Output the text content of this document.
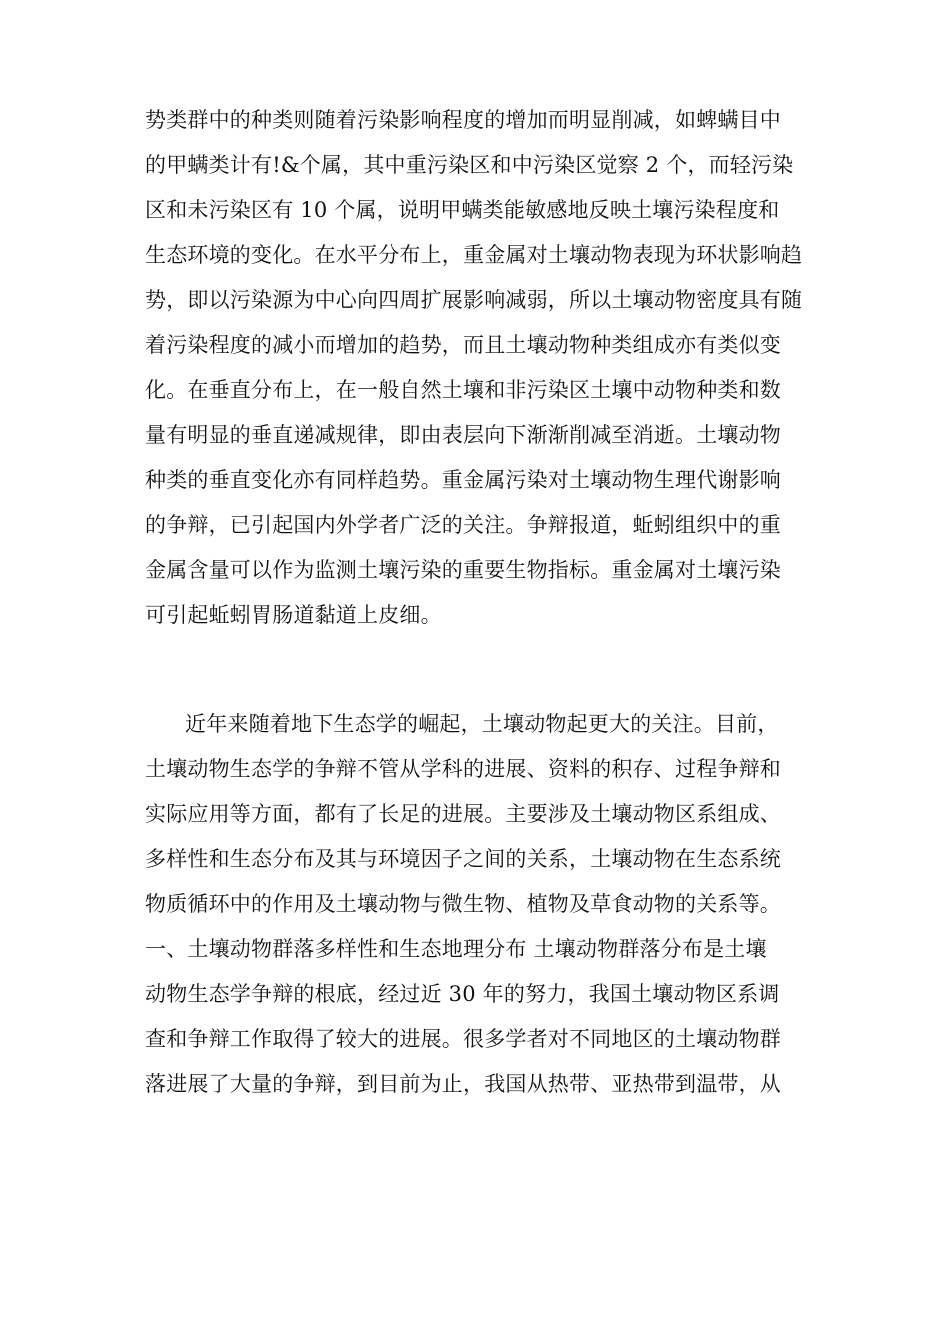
势类群中的种类则随着污染影响程度的增加而明显削减，如蜱螨目中
的甲螨类计有!&个属，其中重污染区和中污染区觉察 2 个，而轻污染
区和未污染区有 10 个属，说明甲螨类能敏感地反映土壤污染程度和
生态环境的变化。在水平分布上，重金属对土壤动物表现为环状影响趋
势，即以污染源为中心向四周扩展影响减弱，所以土壤动物密度具有随
着污染程度的减小而增加的趋势，而且土壤动物种类组成亦有类似变
化。在垂直分布上，在一般自然土壤和非污染区土壤中动物种类和数
量有明显的垂直递减规律，即由表层向下渐渐削减至消逝。土壤动物
种类的垂直变化亦有同样趋势。重金属污染对土壤动物生理代谢影响
的争辩，已引起国内外学者广泛的关注。争辩报道，蚯蚓组织中的重
金属含量可以作为监测土壤污染的重要生物指标。重金属对土壤污染
可引起蚯蚓胃肠道黏道上皮细。
近年来随着地下生态学的崛起，土壤动物起更大的关注。目前，
土壤动物生态学的争辩不管从学科的进展、资料的积存、过程争辩和
实际应用等方面，都有了长足的进展。主要涉及土壤动物区系组成、
多样性和生态分布及其与环境因子之间的关系，土壤动物在生态系统
物质循环中的作用及土壤动物与微生物、植物及草食动物的关系等。
一、土壤动物群落多样性和生态地理分布 土壤动物群落分布是土壤
动物生态学争辩的根底，经过近 30 年的努力，我国土壤动物区系调
查和争辩工作取得了较大的进展。很多学者对不同地区的土壤动物群
落进展了大量的争辩，到目前为止，我国从热带、亚热带到温带，从
